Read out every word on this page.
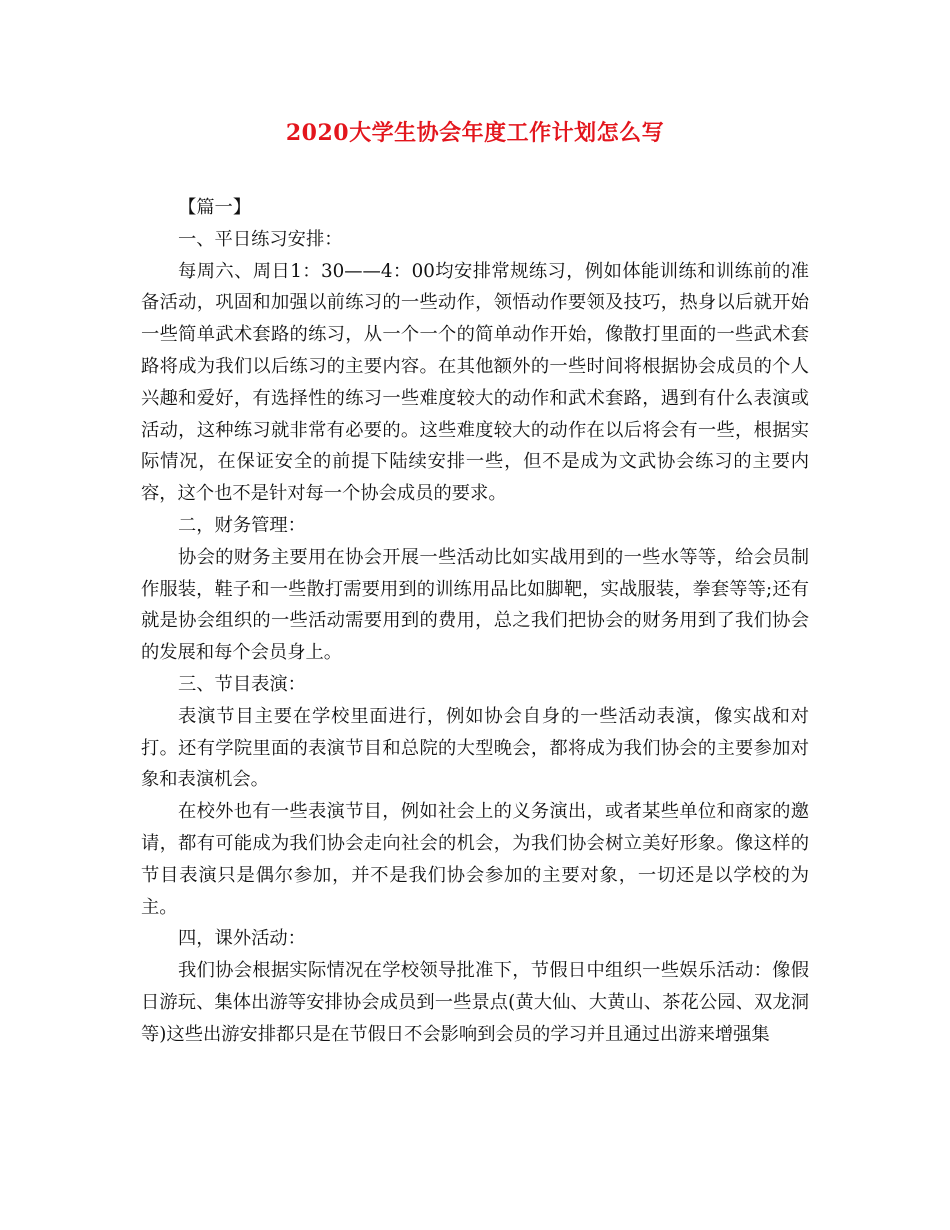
2020大学生协会年度工作计划怎么写

【篇一】

一、平日练习安排：

每周六、周日1：30——4：00均安排常规练习，例如体能训练和训练前的准备活动，巩固和加强以前练习的一些动作，领悟动作要领及技巧，热身以后就开始一些简单武术套路的练习，从一个一个的简单动作开始，像散打里面的一些武术套路将成为我们以后练习的主要内容。在其他额外的一些时间将根据协会成员的个人兴趣和爱好，有选择性的练习一些难度较大的动作和武术套路，遇到有什么表演或活动，这种练习就非常有必要的。这些难度较大的动作在以后将会有一些，根据实际情况，在保证安全的前提下陆续安排一些，但不是成为文武协会练习的主要内容，这个也不是针对每一个协会成员的要求。

二，财务管理：

协会的财务主要用在协会开展一些活动比如实战用到的一些水等等，给会员制作服装，鞋子和一些散打需要用到的训练用品比如脚靶，实战服装，拳套等等;还有就是协会组织的一些活动需要用到的费用，总之我们把协会的财务用到了我们协会的发展和每个会员身上。

三、节目表演：

表演节目主要在学校里面进行，例如协会自身的一些活动表演，像实战和对打。还有学院里面的表演节目和总院的大型晚会，都将成为我们协会的主要参加对象和表演机会。

在校外也有一些表演节目，例如社会上的义务演出，或者某些单位和商家的邀请，都有可能成为我们协会走向社会的机会，为我们协会树立美好形象。像这样的节目表演只是偶尔参加，并不是我们协会参加的主要对象，一切还是以学校的为主。

四，课外活动：

我们协会根据实际情况在学校领导批准下，节假日中组织一些娱乐活动：像假日游玩、集体出游等安排协会成员到一些景点(黄大仙、大黄山、茶花公园、双龙洞等)这些出游安排都只是在节假日不会影响到会员的学习并且通过出游来增强集
